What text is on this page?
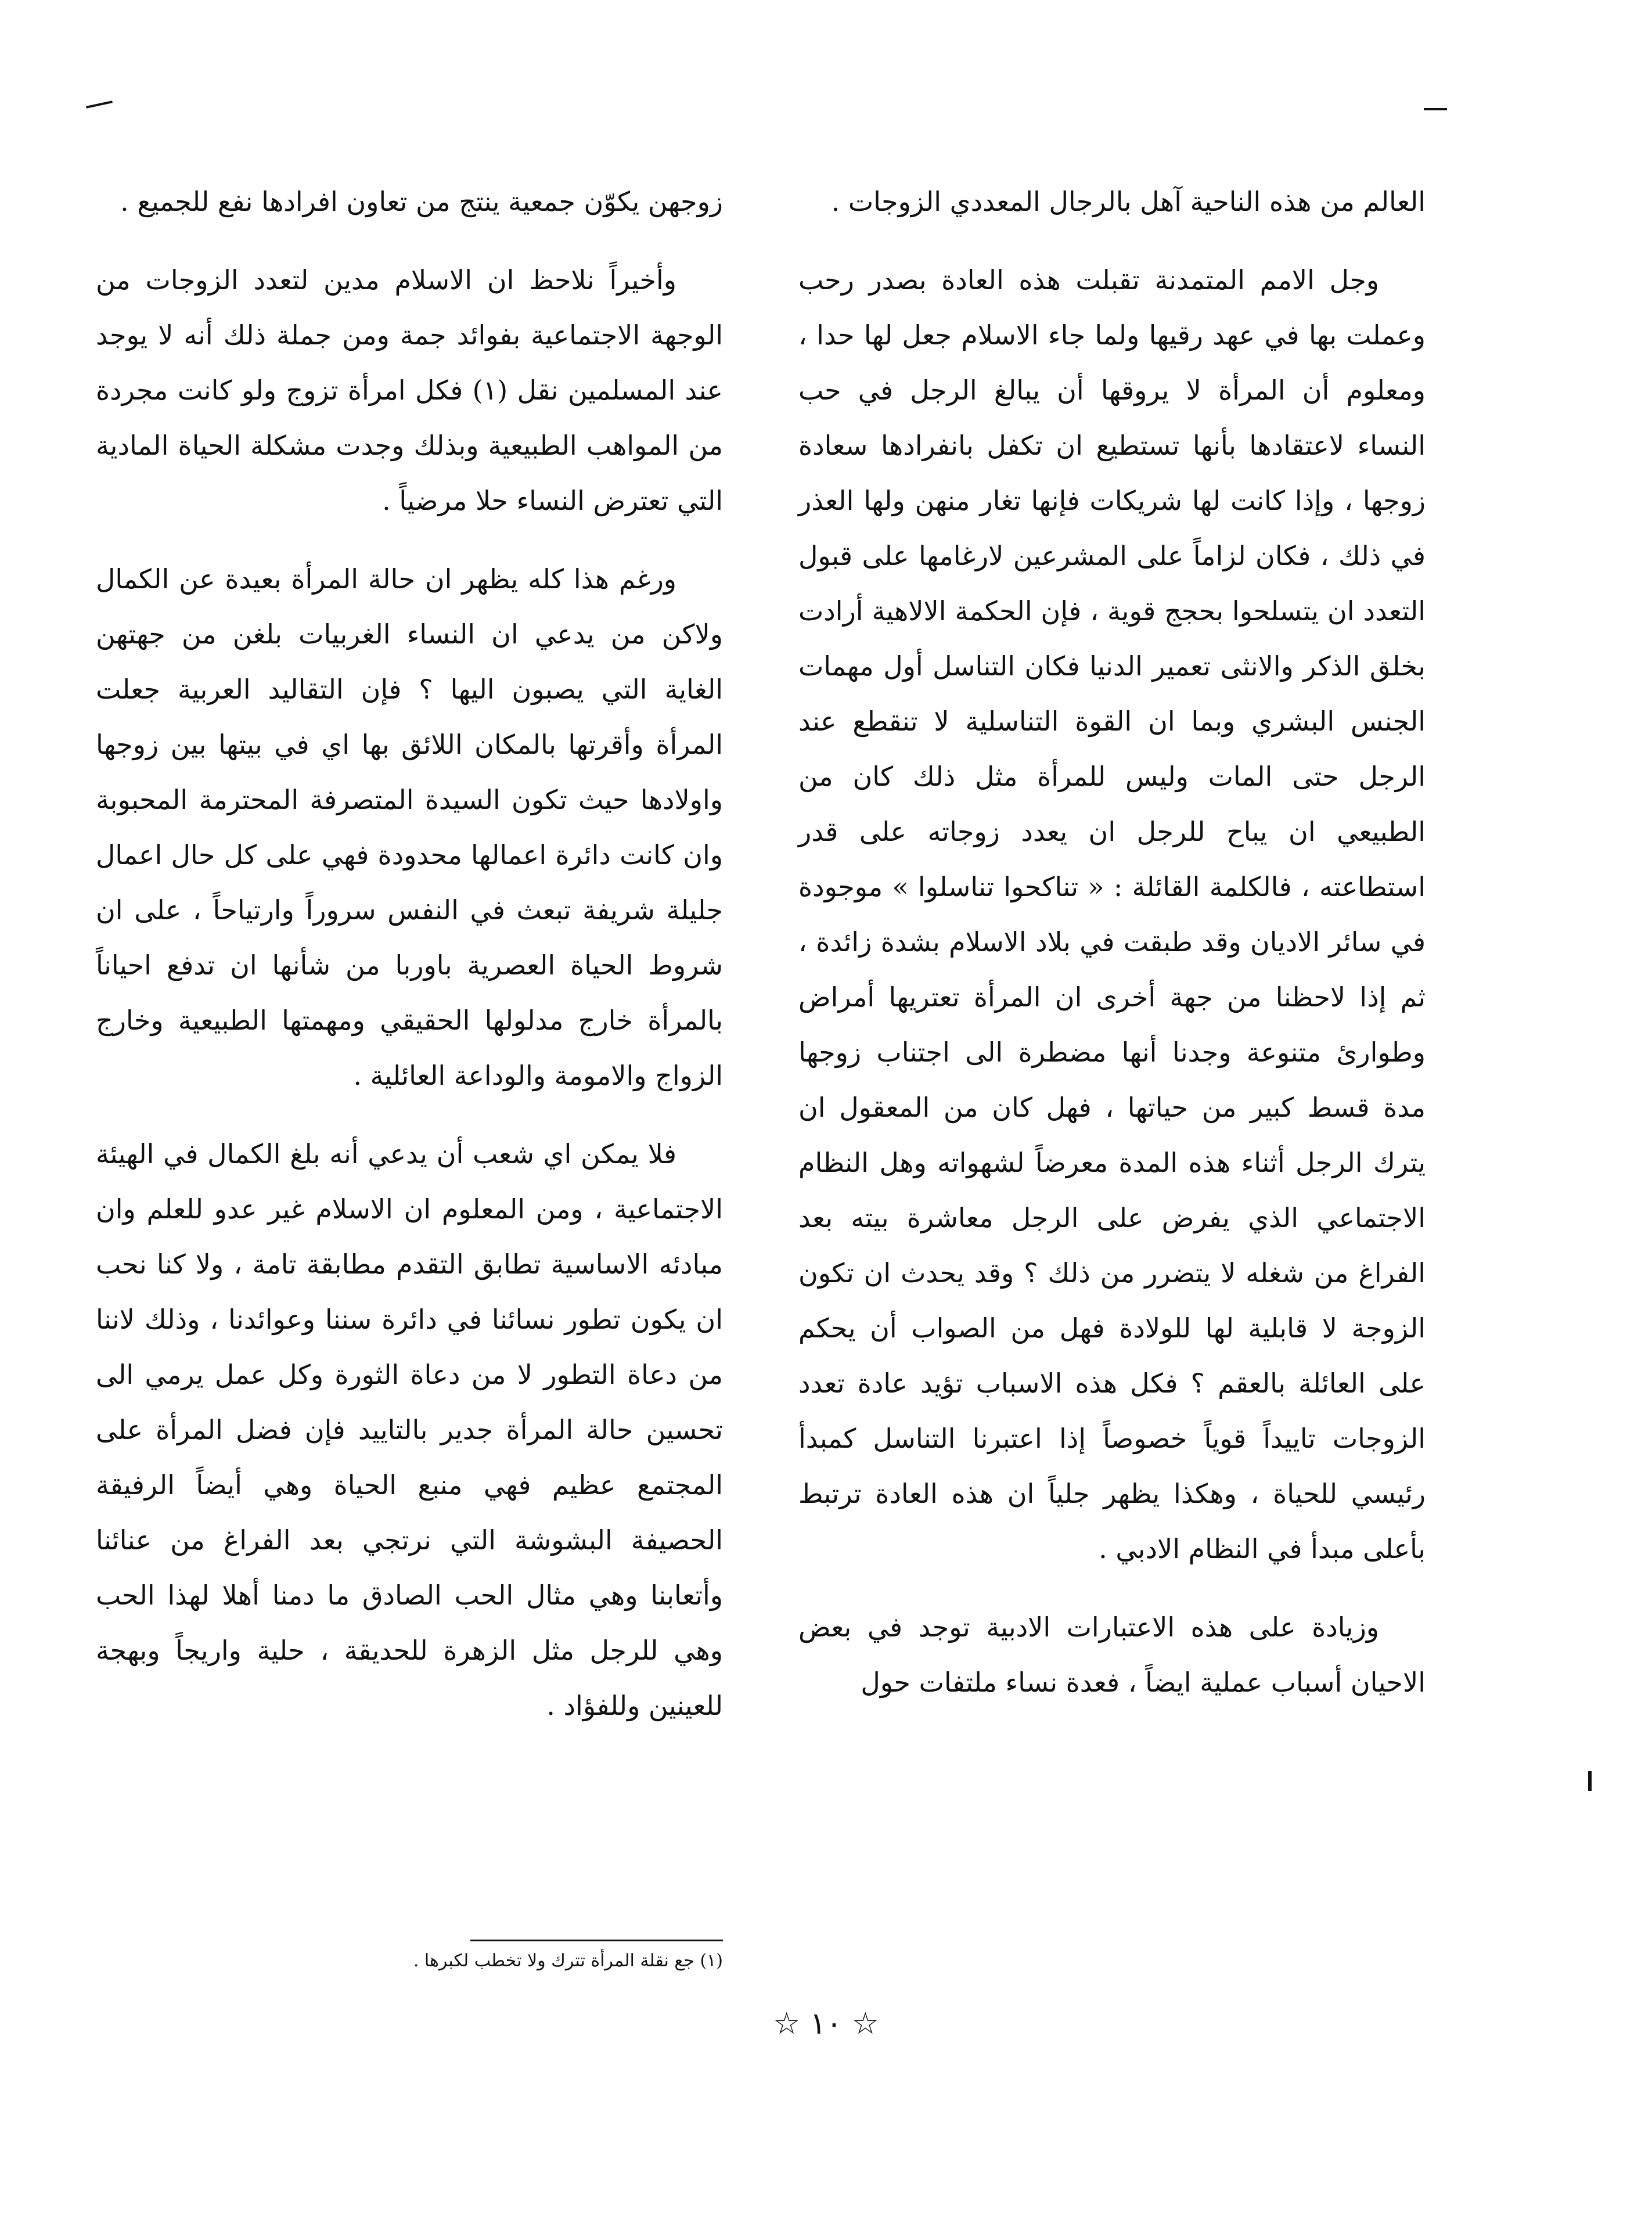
العالم من هذه الناحية آهل بالرجال المعددي الزوجات .

وجل الامم المتمدنة تقبلت هذه العادة بصدر رحب وعملت بها في عهد رقيها ولما جاء الاسلام جعل لها حدا ، ومعلوم أن المرأة لا يروقها أن يبالغ الرجل في حب النساء لاعتقادها بأنها تستطيع ان تكفل بانفرادها سعادة زوجها ، وإذا كانت لها شريكات فإنها تغار منهن ولها العذر في ذلك ، فكان لزاماً على المشرعين لارغامها على قبول التعدد ان يتسلحوا بحجج قوية ، فإن الحكمة الالاهية أرادت بخلق الذكر والانثى تعمير الدنيا فكان التناسل أول مهمات الجنس البشري وبما ان القوة التناسلية لا تنقطع عند الرجل حتى المات وليس للمرأة مثل ذلك كان من الطبيعي ان يباح للرجل ان يعدد زوجاته على قدر استطاعته ، فالكلمة القائلة : « تناكحوا تناسلوا » موجودة في سائر الاديان وقد طبقت في بلاد الاسلام بشدة زائدة ، ثم إذا لاحظنا من جهة أخرى ان المرأة تعتريها أمراض وطوارئ متنوعة وجدنا أنها مضطرة الى اجتناب زوجها مدة قسط كبير من حياتها ، فهل كان من المعقول ان يترك الرجل أثناء هذه المدة معرضاً لشهواته وهل النظام الاجتماعي الذي يفرض على الرجل معاشرة بيته بعد الفراغ من شغله لا يتضرر من ذلك ؟ وقد يحدث ان تكون الزوجة لا قابلية لها للولادة فهل من الصواب أن يحكم على العائلة بالعقم ؟ فكل هذه الاسباب تؤيد عادة تعدد الزوجات تاييداً قوياً خصوصاً إذا اعتبرنا التناسل كمبدأ رئيسي للحياة ، وهكذا يظهر جلياً ان هذه العادة ترتبط بأعلى مبدأ في النظام الادبي .

وزيادة على هذه الاعتبارات الادبية توجد في بعض الاحيان أسباب عملية ايضاً ، فعدة نساء ملتفات حول

زوجهن يكوّن جمعية ينتج من تعاون افرادها نفع للجميع .

وأخيراً نلاحظ ان الاسلام مدين لتعدد الزوجات من الوجهة الاجتماعية بفوائد جمة ومن جملة ذلك أنه لا يوجد عند المسلمين نقل (١) فكل امرأة تزوج ولو كانت مجردة من المواهب الطبيعية وبذلك وجدت مشكلة الحياة المادية التي تعترض النساء حلا مرضياً .

ورغم هذا كله يظهر ان حالة المرأة بعيدة عن الكمال ولاكن من يدعي ان النساء الغربيات بلغن من جهتهن الغاية التي يصبون اليها ؟ فإن التقاليد العربية جعلت المرأة وأقرتها بالمكان اللائق بها اي في بيتها بين زوجها واولادها حيث تكون السيدة المتصرفة المحترمة المحبوبة وان كانت دائرة اعمالها محدودة فهي على كل حال اعمال جليلة شريفة تبعث في النفس سروراً وارتياحاً ، على ان شروط الحياة العصرية باوربا من شأنها ان تدفع احياناً بالمرأة خارج مدلولها الحقيقي ومهمتها الطبيعية وخارج الزواج والامومة والوداعة العائلية .

فلا يمكن اي شعب أن يدعي أنه بلغ الكمال في الهيئة الاجتماعية ، ومن المعلوم ان الاسلام غير عدو للعلم وان مبادئه الاساسية تطابق التقدم مطابقة تامة ، ولا كنا نحب ان يكون تطور نسائنا في دائرة سننا وعوائدنا ، وذلك لاننا من دعاة التطور لا من دعاة الثورة وكل عمل يرمي الى تحسين حالة المرأة جدير بالتاييد فإن فضل المرأة على المجتمع عظيم فهي منبع الحياة وهي أيضاً الرفيقة الحصيفة البشوشة التي نرتجي بعد الفراغ من عنائنا وأتعابنا وهي مثال الحب الصادق ما دمنا أهلا لهذا الحب وهي للرجل مثل الزهرة للحديقة ، حلية واريجاً وبهجة للعينين وللفؤاد .

(١) جع نقلة المرأة تترك ولا تخطب لكبرها .
☆ ١٠ ☆
